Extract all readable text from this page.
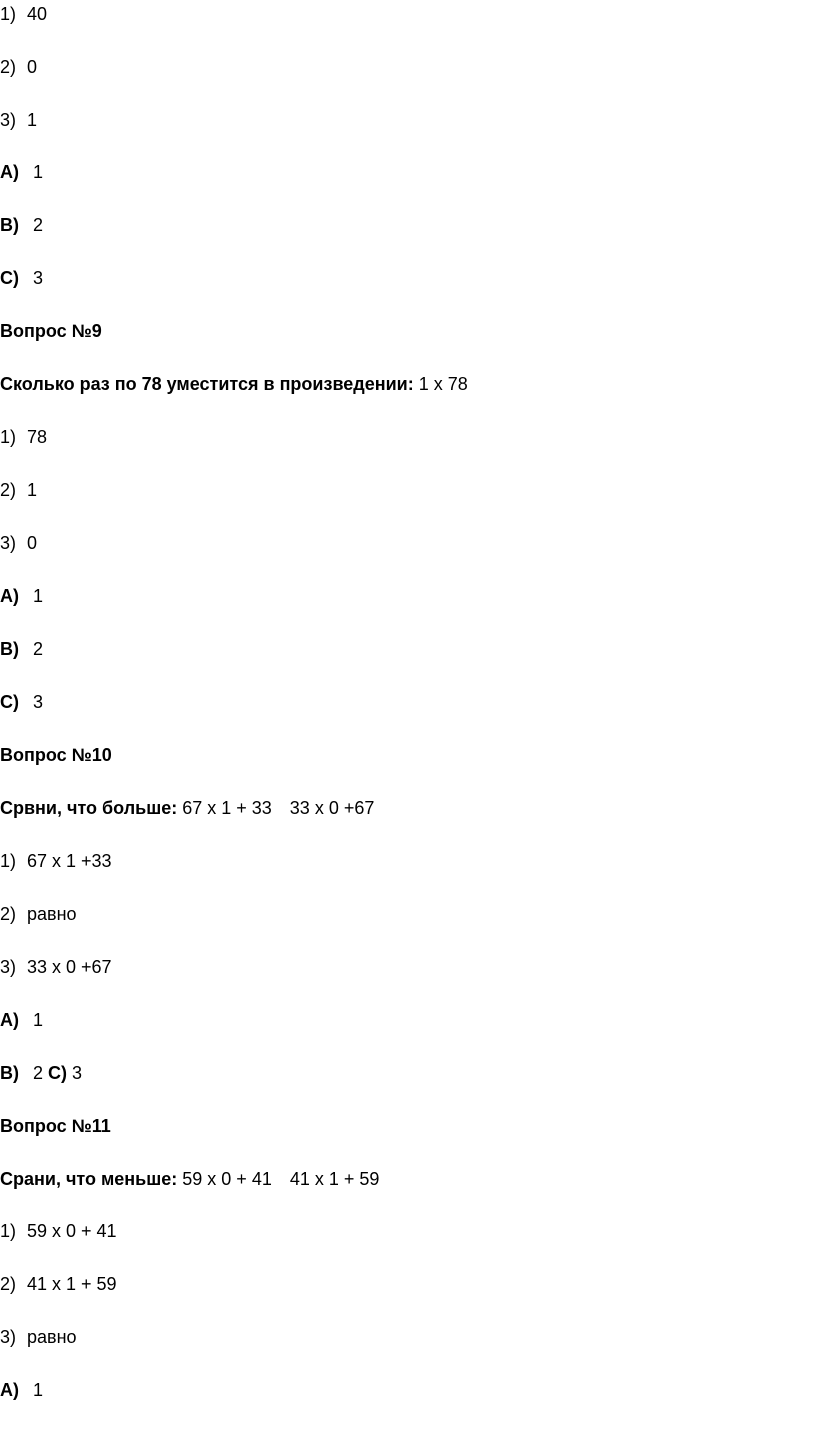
1) 40
2) 0
3) 1
A) 1
B) 2
C) 3
Вопрос №9
Сколько раз по 78 уместится в произведении: 1 x 78
1) 78
2) 1
3) 0
A) 1
B) 2
C) 3
Вопрос №10
Срвни, что больше: 67 x 1 + 33 33 x 0 +67
1) 67 x 1 +33
2) равно
3) 33 x 0 +67
A) 1
B) 2 C) 3
Вопрос №11
Срани, что меньше: 59 x 0 + 41 41 x 1 + 59
1) 59 x 0 + 41
2) 41 x 1 + 59
3) равно
A) 1
